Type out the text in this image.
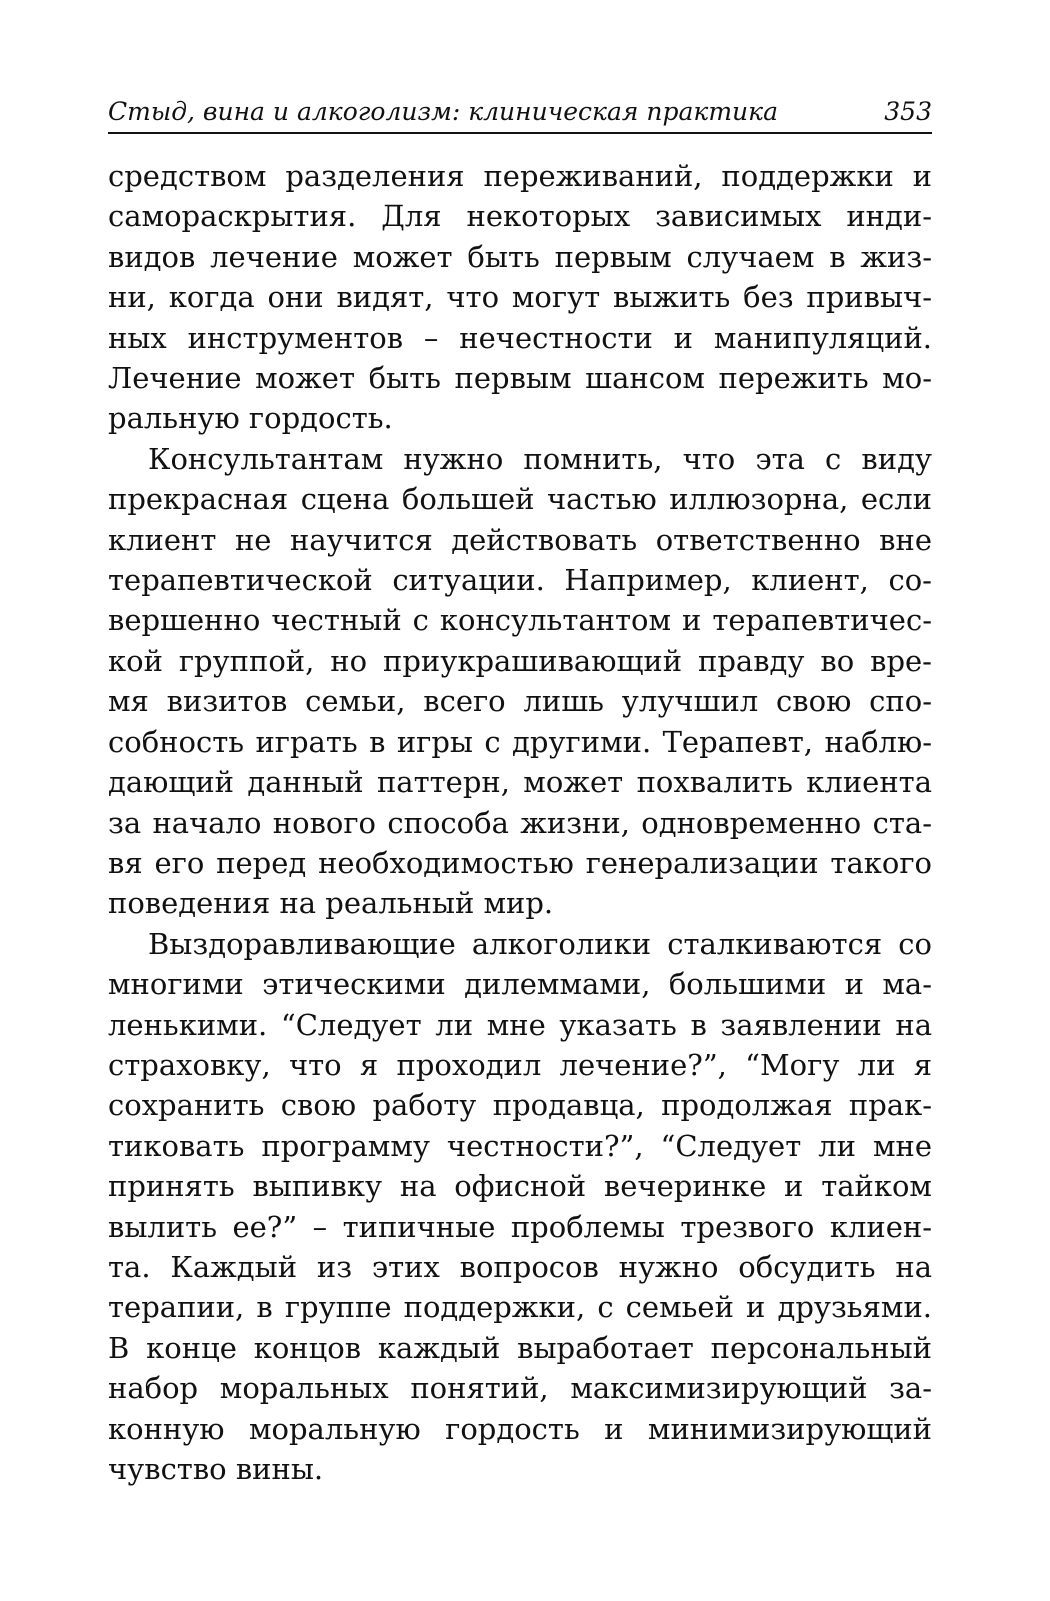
Стыд, вина и алкоголизм: клиническая практика	353
средством разделения переживаний, поддержки и
самораскрытия. Для некоторых зависимых инди-
видов лечение может быть первым случаем в жиз-
ни, когда они видят, что могут выжить без привыч-
ных инструментов – нечестности и манипуляций.
Лечение может быть первым шансом пережить мо-
ральную гордость.
Консультантам нужно помнить, что эта с виду
прекрасная сцена большей частью иллюзорна, если
клиент не научится действовать ответственно вне
терапевтической ситуации. Например, клиент, со-
вершенно честный с консультантом и терапевтичес-
кой группой, но приукрашивающий правду во вре-
мя визитов семьи, всего лишь улучшил свою спо-
собность играть в игры с другими. Терапевт, наблю-
дающий данный паттерн, может похвалить клиента
за начало нового способа жизни, одновременно ста-
вя его перед необходимостью генерализации такого
поведения на реальный мир.
Выздоравливающие алкоголики сталкиваются со
многими этическими дилеммами, большими и ма-
ленькими. “Следует ли мне указать в заявлении на
страховку, что я проходил лечение?”, “Могу ли я
сохранить свою работу продавца, продолжая прак-
тиковать программу честности?”, “Следует ли мне
принять выпивку на офисной вечеринке и тайком
вылить ее?” – типичные проблемы трезвого клиен-
та. Каждый из этих вопросов нужно обсудить на
терапии, в группе поддержки, с семьей и друзьями.
В конце концов каждый выработает персональный
набор моральных понятий, максимизирующий за-
конную моральную гордость и минимизирующий
чувство вины.
